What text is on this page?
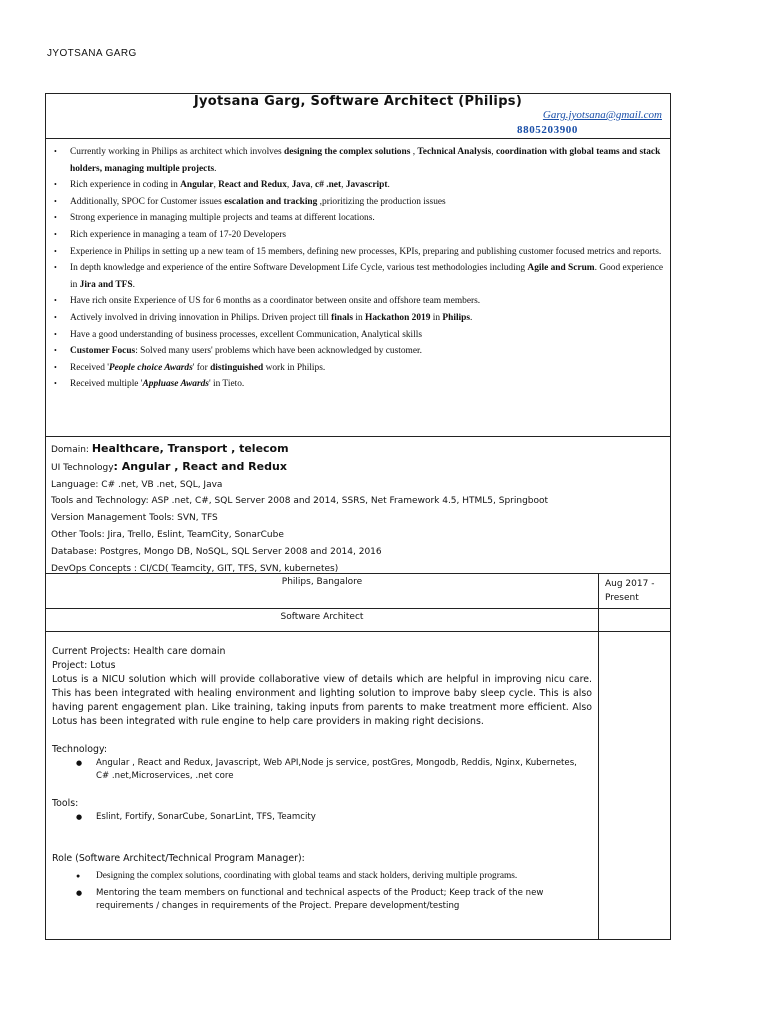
JYOTSANA GARG
Jyotsana Garg, Software Architect (Philips)
Garg.jyotsana@gmail.com
8805203900
• Currently working in Philips as architect which involves designing the complex solutions , Technical Analysis, coordination with global teams and stack holders, managing multiple projects.
• Rich experience in coding in Angular, React and Redux, Java, c# .net, Javascript.
• Additionally, SPOC for Customer issues escalation and tracking ,prioritizing the production issues
• Strong experience in managing multiple projects and teams at different locations.
• Rich experience in managing a team of 17-20 Developers
• Experience in Philips in setting up a new team of 15 members, defining new processes, KPIs, preparing and publishing customer focused metrics and reports.
• In depth knowledge and experience of the entire Software Development Life Cycle, various test methodologies including Agile and Scrum. Good experience in Jira and TFS.
• Have rich onsite Experience of US for 6 months as a coordinator between onsite and offshore team members.
• Actively involved in driving innovation in Philips. Driven project till finals in Hackathon 2019 in Philips.
• Have a good understanding of business processes, excellent Communication, Analytical skills
• Customer Focus: Solved many users' problems which have been acknowledged by customer.
• Received 'People choice Awards' for distinguished work in Philips.
• Received multiple 'Appluase Awards' in Tieto.
Domain: Healthcare, Transport , telecom
UI Technology: Angular , React and Redux
Language: C# .net, VB .net, SQL, Java
Tools and Technology: ASP .net, C#, SQL Server 2008 and 2014, SSRS, Net Framework 4.5, HTML5, Springboot
Version Management Tools: SVN, TFS
Other Tools: Jira, Trello, Eslint, TeamCity, SonarCube
Database: Postgres, Mongo DB, NoSQL, SQL Server 2008 and 2014, 2016
DevOps Concepts : CI/CD( Teamcity, GIT, TFS, SVN, kubernetes)
Philips, Bangalore	Aug 2017 - Present
Software Architect
Current Projects: Health care domain
Project: Lotus
Lotus is a NICU solution which will provide collaborative view of details which are helpful in improving nicu care. This has been integrated with healing environment and lighting solution to improve baby sleep cycle. This is also having parent engagement plan. Like training, taking inputs from parents to make treatment more efficient. Also Lotus has been integrated with rule engine to help care providers in making right decisions.
Technology:
● Angular , React and Redux, Javascript, Web API,Node js service, postGres, Mongodb, Reddis, Nginx, Kubernetes, C# .net,Microservices, .net core
Tools:
● Eslint, Fortify, SonarCube, SonarLint, TFS, Teamcity
Role (Software Architect/Technical Program Manager):
● Designing the complex solutions, coordinating with global teams and stack holders, deriving multiple programs.
● Mentoring the team members on functional and technical aspects of the Product; Keep track of the new requirements / changes in requirements of the Project. Prepare development/testing
